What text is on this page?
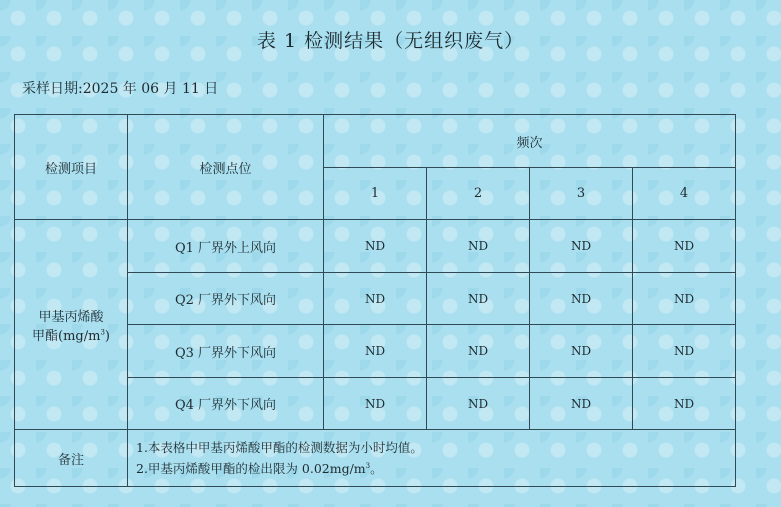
表 1 检测结果（无组织废气）
采样日期:2025 年 06 月 11 日
检测项目	检测点位	频次			
		1	2	3	4
甲基丙烯酸
甲酯$(mg/m^3)$	Q1 厂界外上风向	ND	ND	ND	ND
	Q2 厂界外下风向	ND	ND	ND	ND
	Q3 厂界外下风向	ND	ND	ND	ND
	Q4 厂界外下风向	ND	ND	ND	ND
备注	1.本表格中甲基丙烯酸甲酯的检测数据为小时均值。
2.甲基丙烯酸甲酯的检出限为 $0.02mg/m^3$。				
